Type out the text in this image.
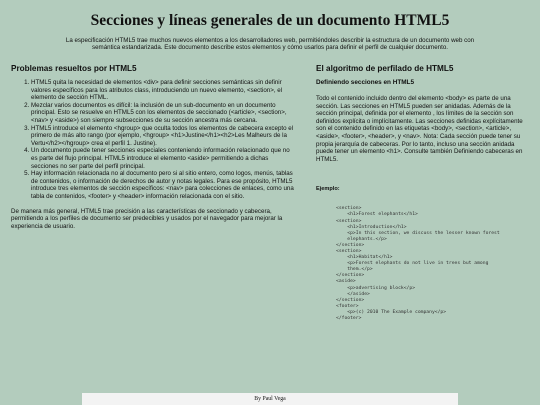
Secciones y líneas generales de un documento HTML5

La especificación HTML5 trae muchos nuevos elementos a los desarrolladores web, permitiéndoles describir la estructura de un documento web con semántica estandarizada. Este documento describe estos elementos y cómo usarlos para definir el perfil de cualquier documento.

Problemas resueltos por HTML5
1. HTML5 quita la necesidad de elementos <div> para definir secciones semánticas sin definir valores específicos para los atributos class, introduciendo un nuevo elemento, <section>, el elemento de sección HTML.
2. Mezclar varios documentos es difícil: la inclusión de un sub-documento en un documento principal. Esto se resuelve en HTML5 con los elementos de seccionado (<article>, <section>, <nav> y <aside>) son siempre subsecciones de su sección ancestra más cercana.
3. HTML5 introduce el elemento <hgroup> que oculta todos los elementos de cabecera excepto el primero de más alto rango (por ejemplo, <hgroup> <h1>Justine</h1><h2>Les Malheurs de la Vertu</h2></hgroup> crea el perfil 1. Justine).
4. Un documento puede tener secciones especiales conteniendo información relacionado que no es parte del flujo principal. HTML5 introduce el elemento <aside> permitiendo a dichas secciones no ser parte del perfil principal.
5. Hay información relacionada no al documento pero si al sitio entero, como logos, menús, tablas de contenidos, o información de derechos de autor y notas legales. Para ese propósito, HTML5 introduce tres elementos de sección específicos: <nav> para colecciones de enlaces, como una tabla de contenidos, <footer> y <header> información relacionada con el sitio.

De manera más general, HTML5 trae precisión a las características de seccionado y cabecera, permitiendo a los perfiles de documento ser predecibles y usados por el navegador para mejorar la experiencia de usuario.

El algoritmo de perfilado de HTML5
Definiendo secciones en HTML5

Todo el contenido incluido dentro del elemento <body> es parte de una sección. Las secciones en HTML5 pueden ser anidadas. Además de la sección principal, definida por el elemento , los límites de la sección son definidos explícita o implícitamente. Las secciones definidas explícitamente son el contenido definido en las etiquetas <body>, <section>, <article>, <aside>, <footer>, <header>, y <nav>. Nota: Cada sección puede tener su propia jerarquía de cabeceras. Por lo tanto, incluso una sección anidada puede tener un elemento <h1>. Consulte también Definiendo cabeceras en HTML5.

Ejemplo:
<section>
<h1>Forest elephants</h1>
<section>
<h1>Introduction</h1>
<p>In this section, we discuss the lesser known forest
elephants.</p>
</section>
<section>
<h1>Habitat</h1>
<p>Forest elephants do not live in trees but among
them.</p>
</section>
<aside>
<p>advertising block</p>
</aside>
</section>
<footer>
<p>(c) 2010 The Example company</p>
</footer>
By Paul Vega
